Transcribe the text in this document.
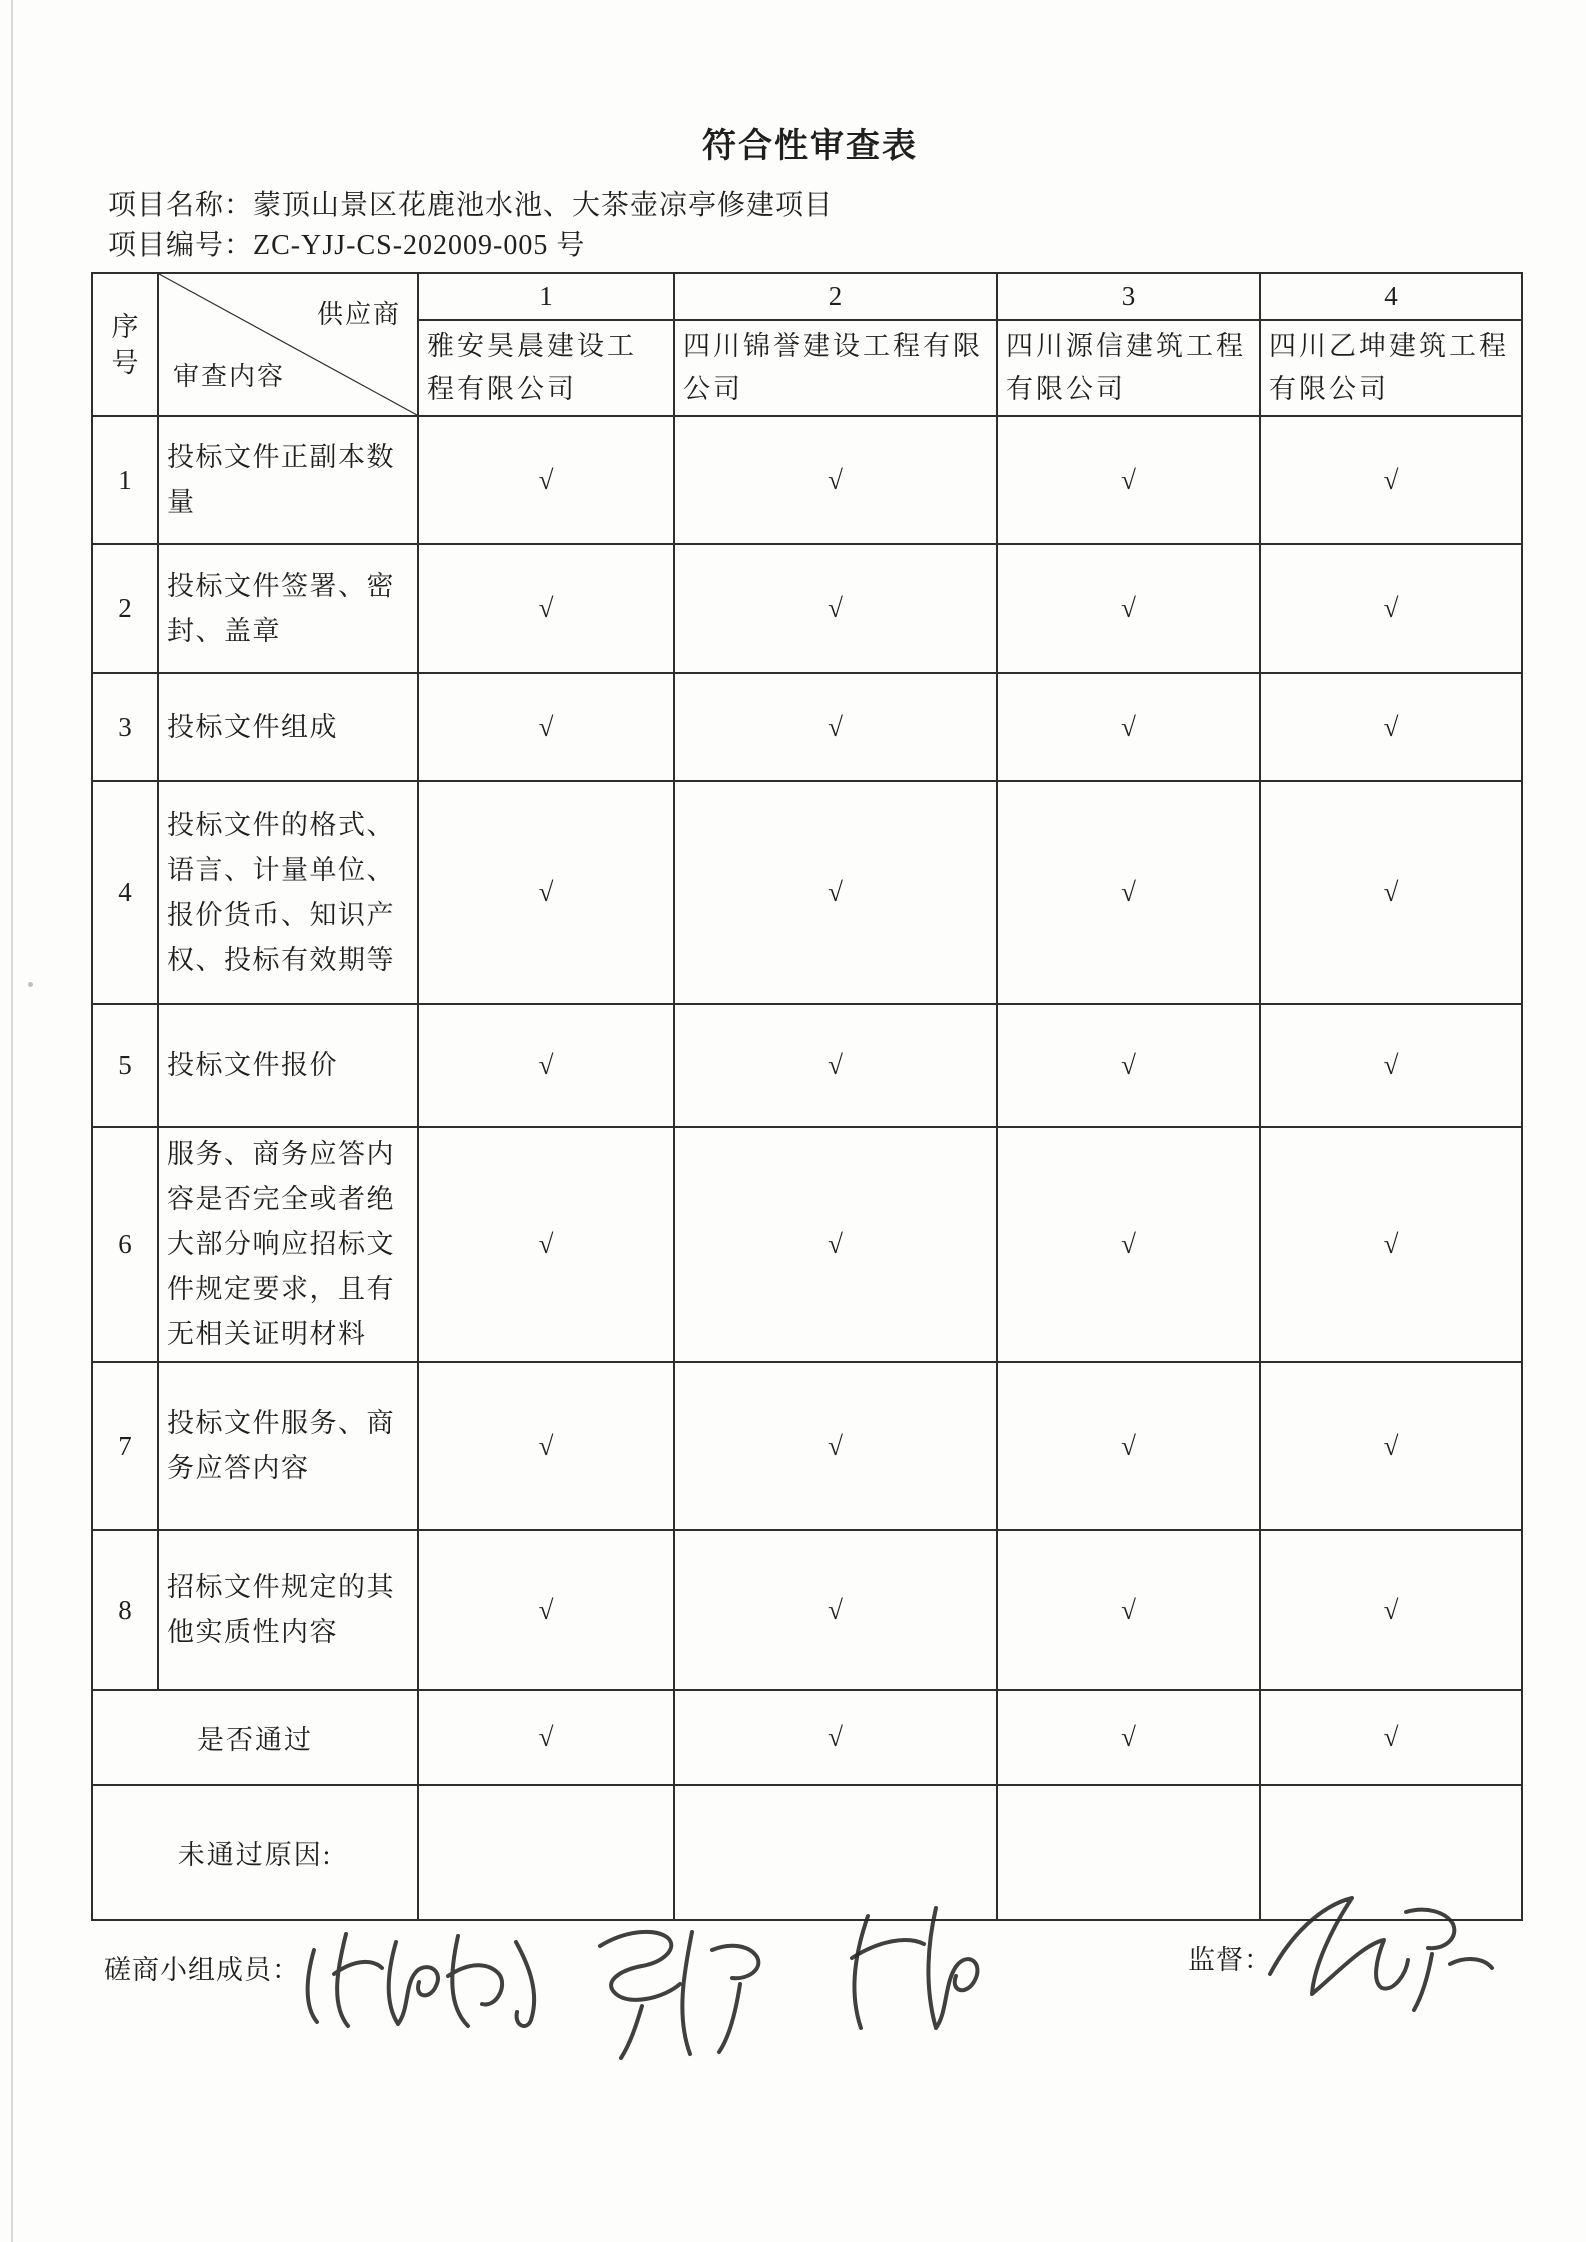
符合性审查表
项目名称：蒙顶山景区花鹿池水池、大茶壶凉亭修建项目
项目编号：ZC-YJJ-CS-202009-005 号
序号	供应商
审查内容	1	2	3	4
		雅安昊晨建设工程有限公司	四川锦誉建设工程有限公司	四川源信建筑工程有限公司	四川乙坤建筑工程有限公司
1	投标文件正副本数量	√	√	√	√
2	投标文件签署、密封、盖章	√	√	√	√
3	投标文件组成	√	√	√	√
4	投标文件的格式、语言、计量单位、报价货币、知识产权、投标有效期等	√	√	√	√
5	投标文件报价	√	√	√	√
6	服务、商务应答内容是否完全或者绝大部分响应招标文件规定要求，且有无相关证明材料	√	√	√	√
7	投标文件服务、商务应答内容	√	√	√	√
8	招标文件规定的其他实质性内容	√	√	√	√
是否通过		√	√	√	√
未通过原因:					
磋商小组成员：	监督：
